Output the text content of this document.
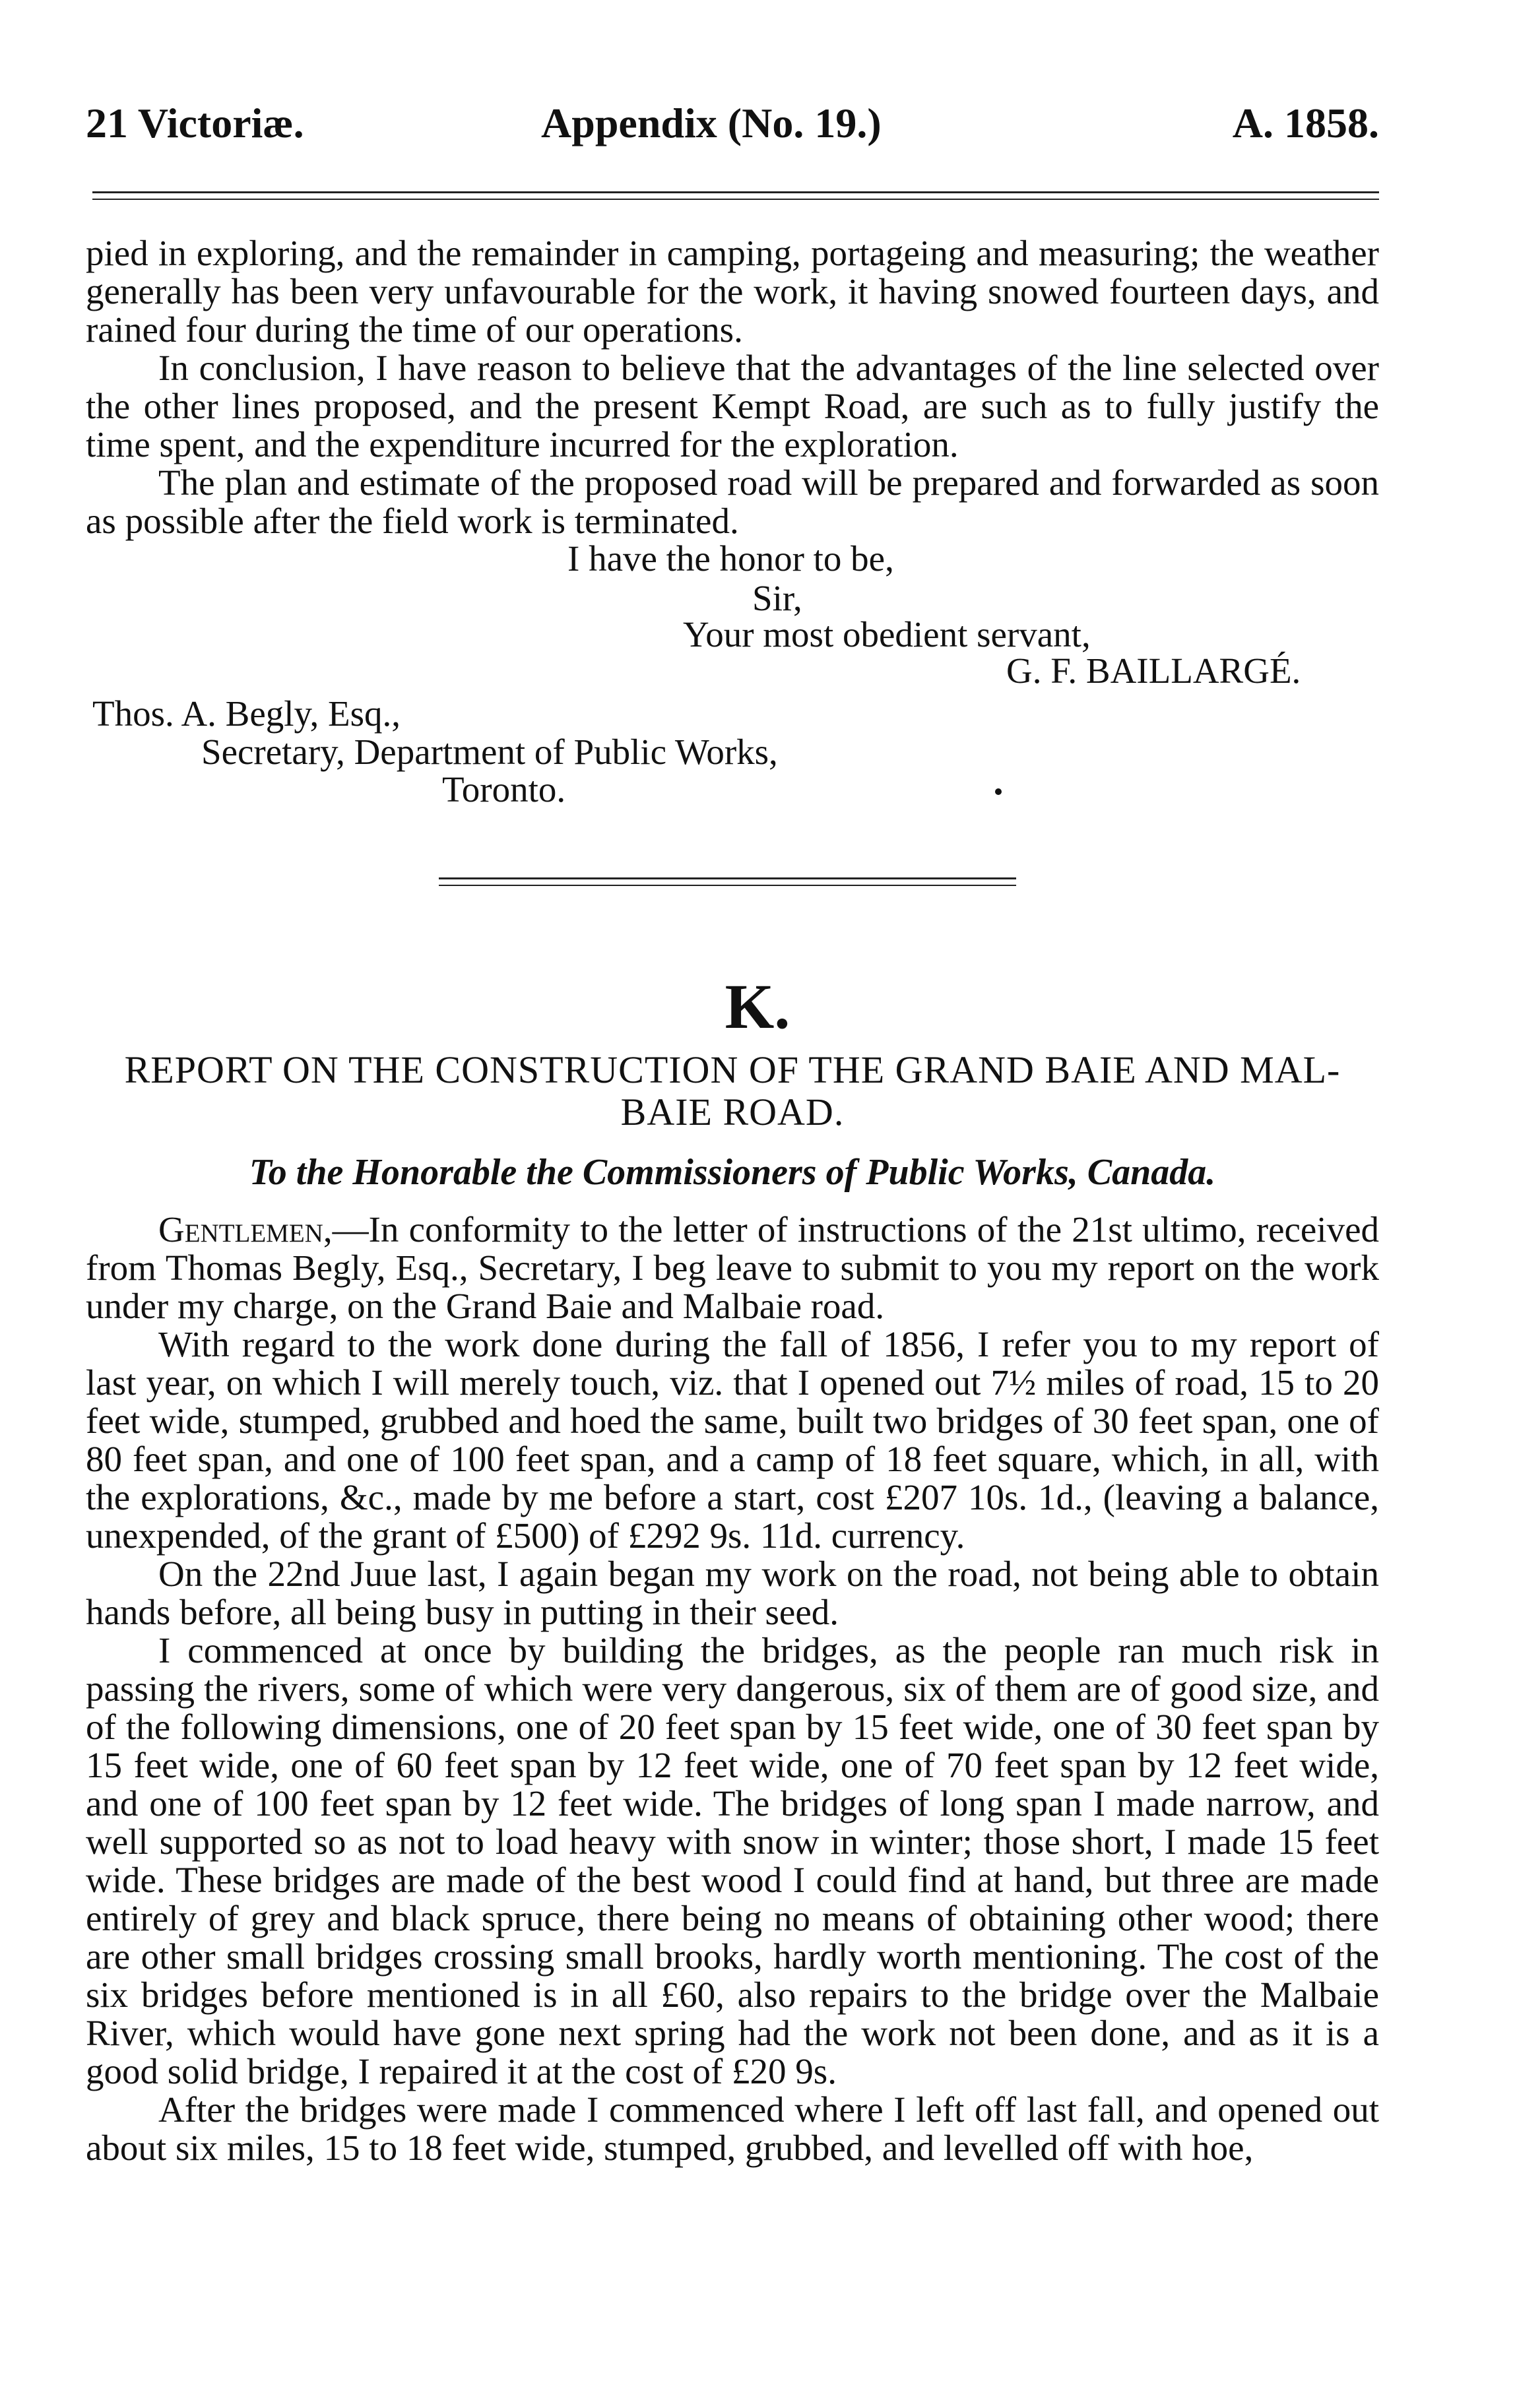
21 Victoriæ.	Appendix (No. 19.)	A. 1858.

pied in exploring, and the remainder in camping, portageing and measuring; the weather generally has been very unfavourable for the work, it having snowed fourteen days, and rained four during the time of our operations.

In conclusion, I have reason to believe that the advantages of the line selected over the other lines proposed, and the present Kempt Road, are such as to fully justify the time spent, and the expenditure incurred for the exploration.

The plan and estimate of the proposed road will be prepared and forwarded as soon as possible after the field work is terminated.

I have the honor to be,
Sir,
Your most obedient servant,
G. F. BAILLARGÉ.
Thos. A. Begly, Esq.,
Secretary, Department of Public Works,
Toronto.
K.
REPORT ON THE CONSTRUCTION OF THE GRAND BAIE AND MAL-
BAIE ROAD.
To the Honorable the Commissioners of Public Works, Canada.

Gentlemen,—In conformity to the letter of instructions of the 21st ultimo, received from Thomas Begly, Esq., Secretary, I beg leave to submit to you my report on the work under my charge, on the Grand Baie and Malbaie road.

With regard to the work done during the fall of 1856, I refer you to my report of last year, on which I will merely touch, viz. that I opened out 7½ miles of road, 15 to 20 feet wide, stumped, grubbed and hoed the same, built two bridges of 30 feet span, one of 80 feet span, and one of 100 feet span, and a camp of 18 feet square, which, in all, with the explorations, &c., made by me before a start, cost £207 10s. 1d., (leaving a balance, unexpended, of the grant of £500) of £292 9s. 11d. currency.

On the 22nd Juue last, I again began my work on the road, not being able to obtain hands before, all being busy in putting in their seed.

I commenced at once by building the bridges, as the people ran much risk in passing the rivers, some of which were very dangerous, six of them are of good size, and of the following dimensions, one of 20 feet span by 15 feet wide, one of 30 feet span by 15 feet wide, one of 60 feet span by 12 feet wide, one of 70 feet span by 12 feet wide, and one of 100 feet span by 12 feet wide. The bridges of long span I made narrow, and well supported so as not to load heavy with snow in winter; those short, I made 15 feet wide. These bridges are made of the best wood I could find at hand, but three are made entirely of grey and black spruce, there being no means of obtaining other wood; there are other small bridges crossing small brooks, hardly worth mentioning. The cost of the six bridges before mentioned is in all £60, also repairs to the bridge over the Malbaie River, which would have gone next spring had the work not been done, and as it is a good solid bridge, I repaired it at the cost of £20 9s.

After the bridges were made I commenced where I left off last fall, and opened out about six miles, 15 to 18 feet wide, stumped, grubbed, and levelled off with hoe,
